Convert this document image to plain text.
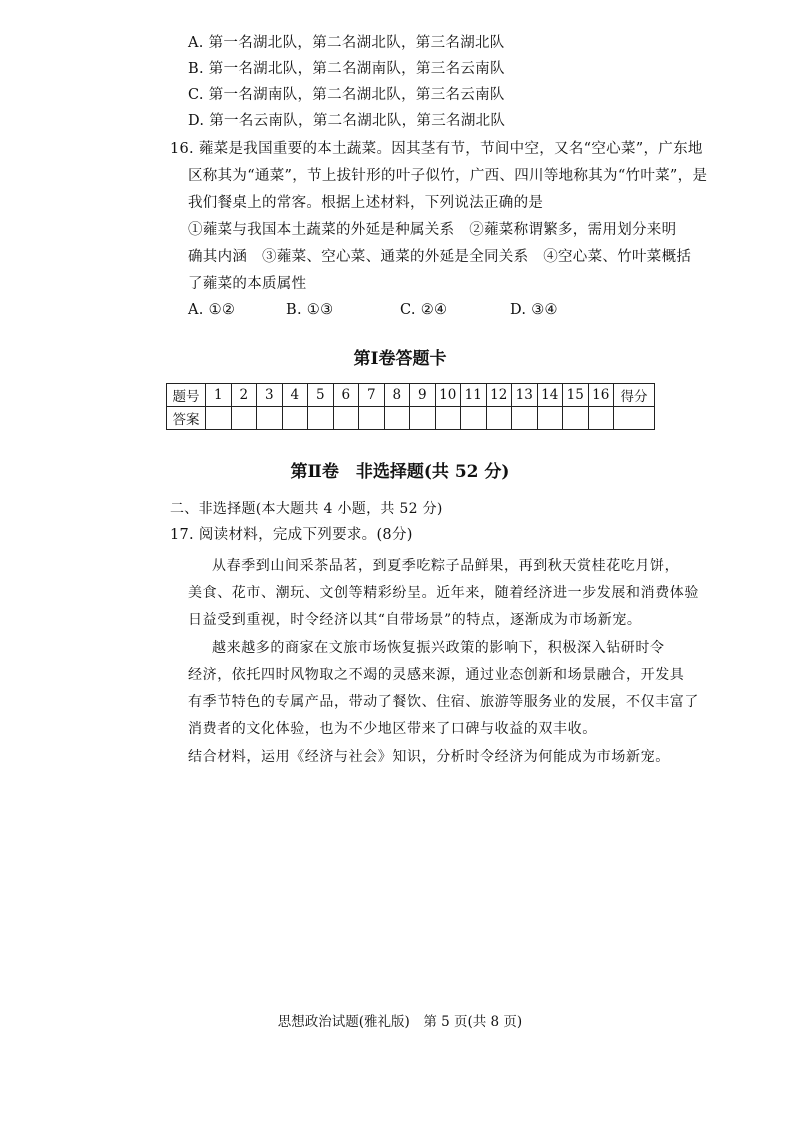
A. 第一名湖北队，第二名湖北队，第三名湖北队
B. 第一名湖北队，第二名湖南队，第三名云南队
C. 第一名湖南队，第二名湖北队，第三名云南队
D. 第一名云南队，第二名湖北队，第三名湖北队
16. 蕹菜是我国重要的本土蔬菜。因其茎有节，节间中空，又名“空心菜”，广东地
区称其为“通菜”，节上拔针形的叶子似竹，广西、四川等地称其为“竹叶菜”，是
我们餐桌上的常客。根据上述材料，下列说法正确的是
①蕹菜与我国本土蔬菜的外延是种属关系　②蕹菜称谓繁多，需用划分来明
确其内涵　③蕹菜、空心菜、通菜的外延是全同关系　④空心菜、竹叶菜概括
了蕹菜的本质属性
A. ①②	B. ①③	C. ②④	D. ③④
第Ⅰ卷答题卡
题号	1	2	3	4	5	6	7	8	9	10	11	12	13	14	15	16	得分
答案																	
第Ⅱ卷　非选择题(共 52 分)
二、非选择题(本大题共 4 小题，共 52 分)
17. 阅读材料，完成下列要求。(8分)
从春季到山间采茶品茗，到夏季吃粽子品鲜果，再到秋天赏桂花吃月饼，
美食、花市、潮玩、文创等精彩纷呈。近年来，随着经济进一步发展和消费体验
日益受到重视，时令经济以其“自带场景”的特点，逐渐成为市场新宠。
越来越多的商家在文旅市场恢复振兴政策的影响下，积极深入钻研时令
经济，依托四时风物取之不竭的灵感来源，通过业态创新和场景融合，开发具
有季节特色的专属产品，带动了餐饮、住宿、旅游等服务业的发展，不仅丰富了
消费者的文化体验，也为不少地区带来了口碑与收益的双丰收。
结合材料，运用《经济与社会》知识，分析时令经济为何能成为市场新宠。
思想政治试题(雅礼版)　第 5 页(共 8 页)
